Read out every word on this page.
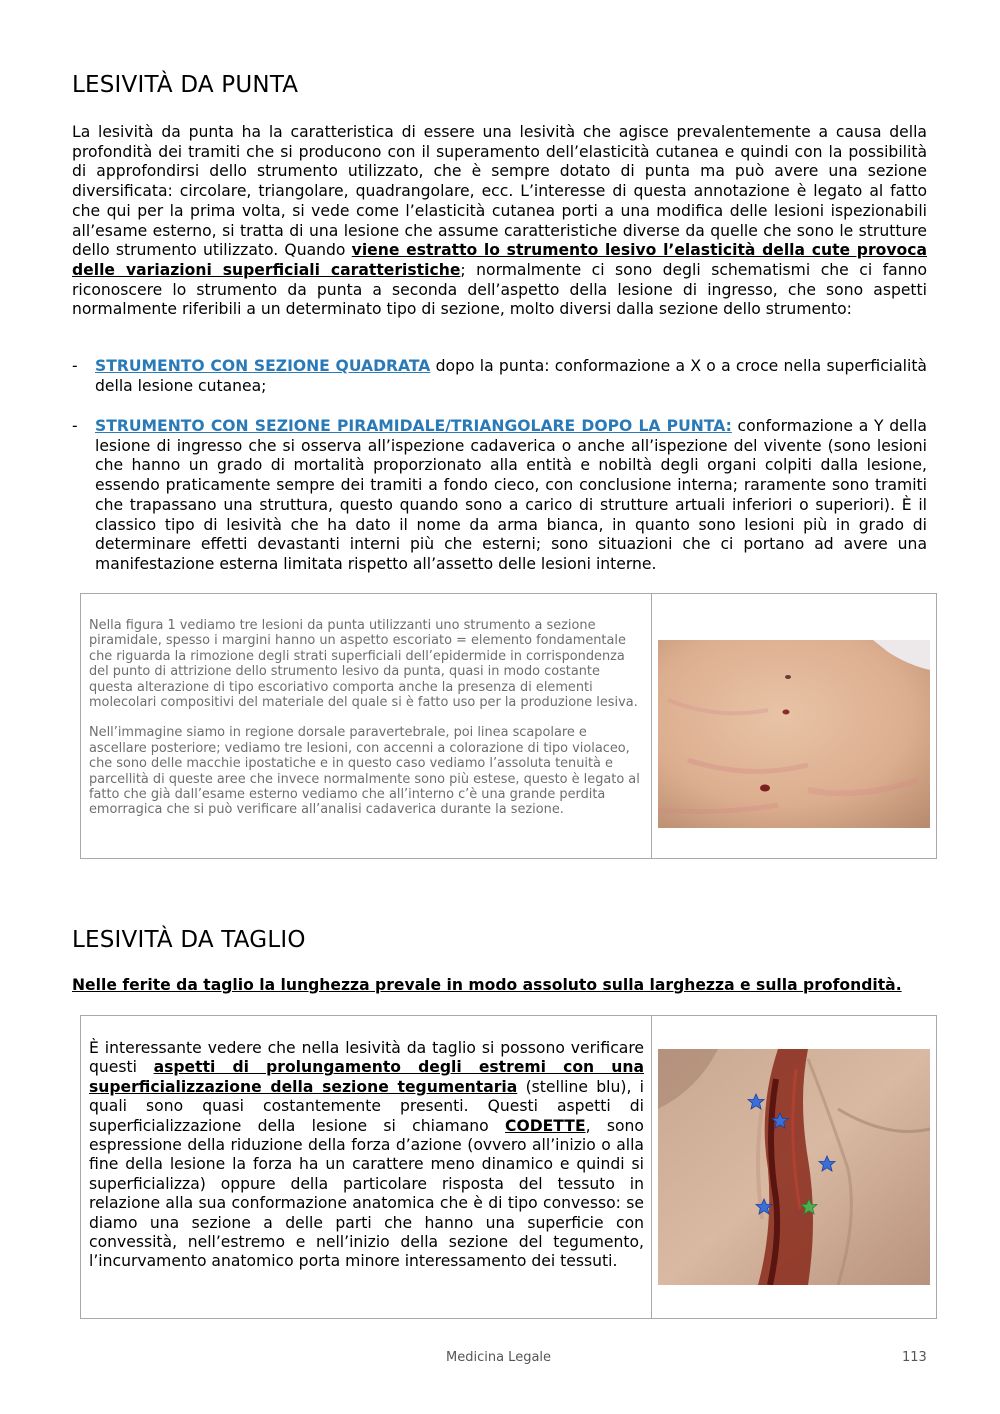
LESIVITÀ DA PUNTA

La lesività da punta ha la caratteristica di essere una lesività che agisce prevalentemente a causa della profondità dei tramiti che si producono con il superamento dell’elasticità cutanea e quindi con la possibilità di approfondirsi dello strumento utilizzato, che è sempre dotato di punta ma può avere una sezione diversificata: circolare, triangolare, quadrangolare, ecc. L’interesse di questa annotazione è legato al fatto che qui per la prima volta, si vede come l’elasticità cutanea porti a una modifica delle lesioni ispezionabili all’esame esterno, si tratta di una lesione che assume caratteristiche diverse da quelle che sono le strutture dello strumento utilizzato. Quando viene estratto lo strumento lesivo l’elasticità della cute provoca delle variazioni superficiali caratteristiche; normalmente ci sono degli schematismi che ci fanno riconoscere lo strumento da punta a seconda dell’aspetto della lesione di ingresso, che sono aspetti normalmente riferibili a un determinato tipo di sezione, molto diversi dalla sezione dello strumento:

- STRUMENTO CON SEZIONE QUADRATA dopo la punta: conformazione a X o a croce nella superficialità della lesione cutanea;
- STRUMENTO CON SEZIONE PIRAMIDALE/TRIANGOLARE DOPO LA PUNTA: conformazione a Y della lesione di ingresso che si osserva all’ispezione cadaverica o anche all’ispezione del vivente (sono lesioni che hanno un grado di mortalità proporzionato alla entità e nobiltà degli organi colpiti dalla lesione, essendo praticamente sempre dei tramiti a fondo cieco, con conclusione interna; raramente sono tramiti che trapassano una struttura, questo quando sono a carico di strutture artuali inferiori o superiori). È il classico tipo di lesività che ha dato il nome da arma bianca, in quanto sono lesioni più in grado di determinare effetti devastanti interni più che esterni; sono situazioni che ci portano ad avere una manifestazione esterna limitata rispetto all’assetto delle lesioni interne.

Nella figura 1 vediamo tre lesioni da punta utilizzanti uno strumento a sezione piramidale, spesso i margini hanno un aspetto escoriato = elemento fondamentale che riguarda la rimozione degli strati superficiali dell’epidermide in corrispondenza del punto di attrizione dello strumento lesivo da punta, quasi in modo costante questa alterazione di tipo escoriativo comporta anche la presenza di elementi molecolari compositivi del materiale del quale si è fatto uso per la produzione lesiva.

Nell’immagine siamo in regione dorsale paravertebrale, poi linea scapolare e ascellare posteriore; vediamo tre lesioni, con accenni a colorazione di tipo violaceo, che sono delle macchie ipostatiche e in questo caso vediamo l’assoluta tenuità e parcellità di queste aree che invece normalmente sono più estese, questo è legato al fatto che già dall’esame esterno vediamo che all’interno c’è una grande perdita emorragica che si può verificare all’analisi cadaverica durante la sezione.

LESIVITÀ DA TAGLIO

Nelle ferite da taglio la lunghezza prevale in modo assoluto sulla larghezza e sulla profondità.

È interessante vedere che nella lesività da taglio si possono verificare questi aspetti di prolungamento degli estremi con una superficializzazione della sezione tegumentaria (stelline blu), i quali sono quasi costantemente presenti. Questi aspetti di superficializzazione della lesione si chiamano CODETTE, sono espressione della riduzione della forza d’azione (ovvero all’inizio o alla fine della lesione la forza ha un carattere meno dinamico e quindi si superficializza) oppure della particolare risposta del tessuto in relazione alla sua conformazione anatomica che è di tipo convesso: se diamo una sezione a delle parti che hanno una superficie con convessità, nell’estremo e nell’inizio della sezione del tegumento, l’incurvamento anatomico porta minore interessamento dei tessuti.

Medicina Legale	113
